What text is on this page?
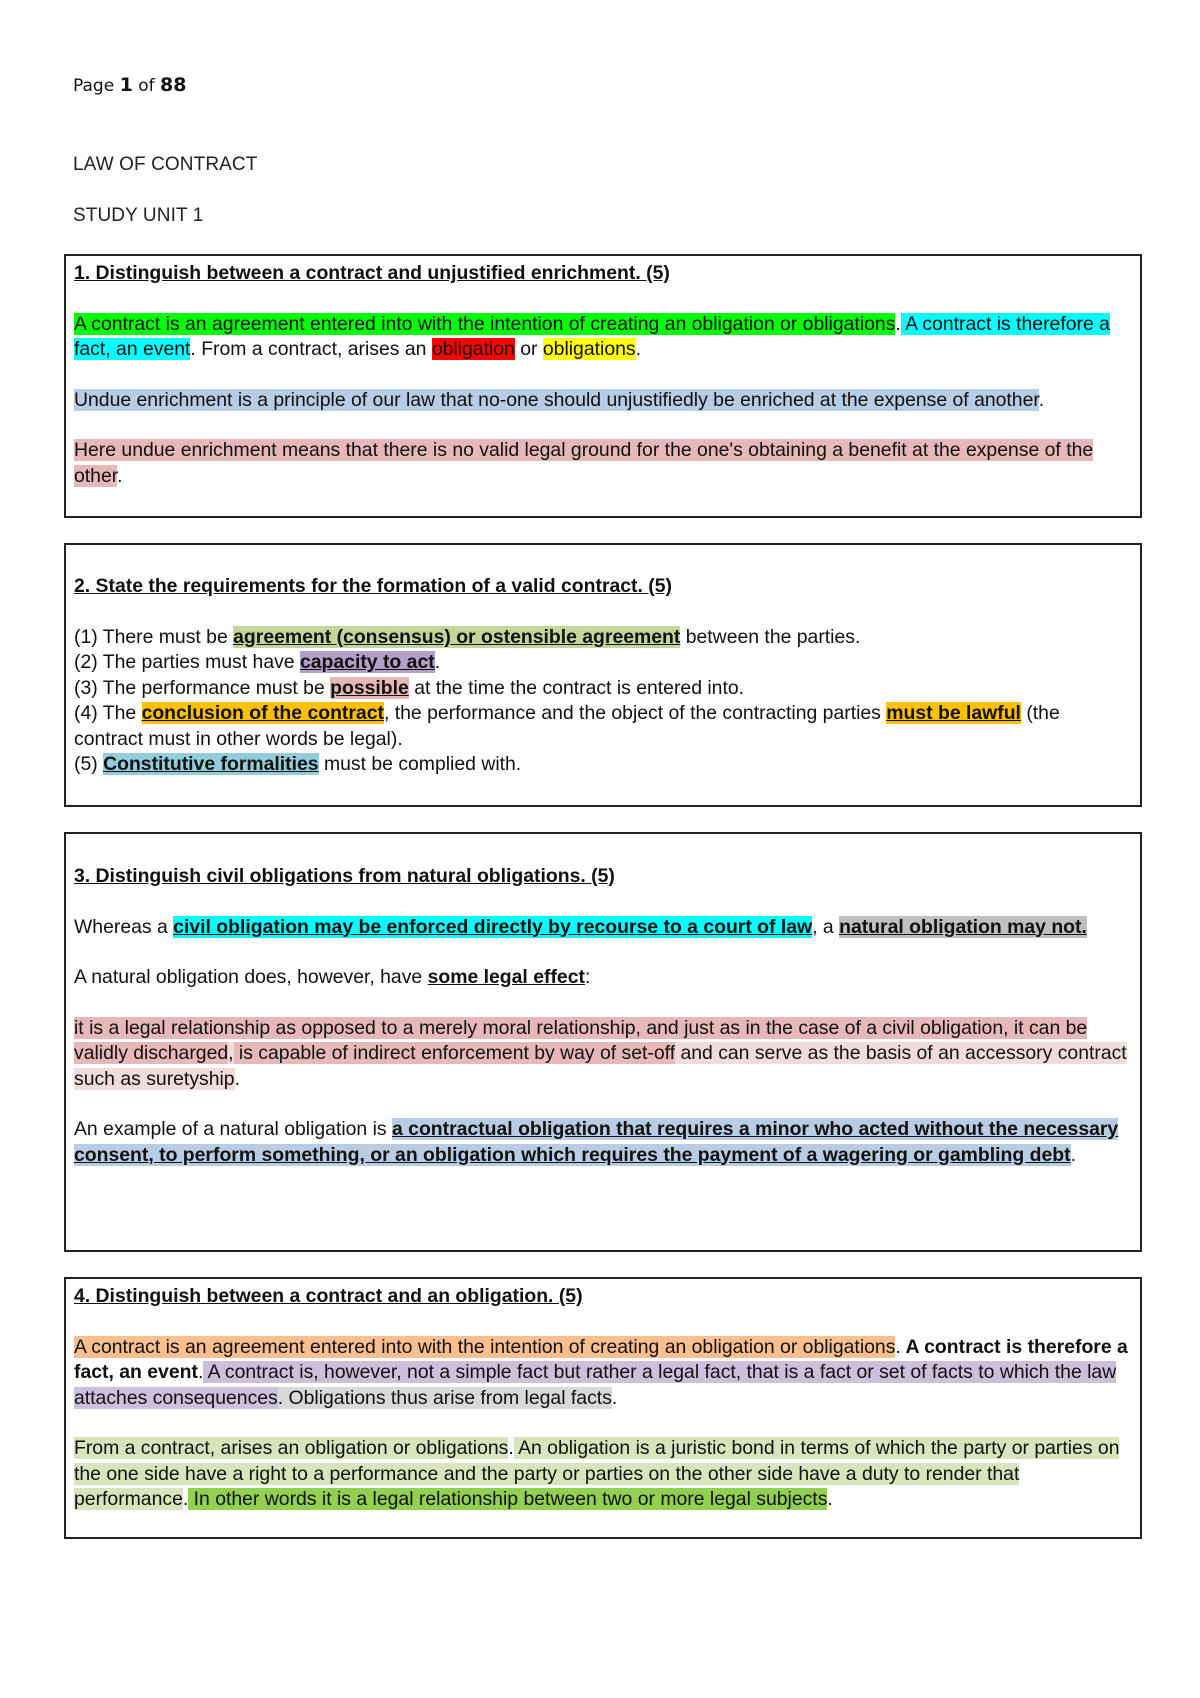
Page 1 of 88
LAW OF CONTRACT
STUDY UNIT 1

1. Distinguish between a contract and unjustified enrichment. (5)

A contract is an agreement entered into with the intention of creating an obligation or obligations. A contract is therefore a fact, an event. From a contract, arises an obligation or obligations.

Undue enrichment is a principle of our law that no-one should unjustifiedly be enriched at the expense of another.

Here undue enrichment means that there is no valid legal ground for the one's obtaining a benefit at the expense of the other.

2. State the requirements for the formation of a valid contract. (5)

(1) There must be agreement (consensus) or ostensible agreement between the parties.

(2) The parties must have capacity to act.

(3) The performance must be possible at the time the contract is entered into.

(4) The conclusion of the contract, the performance and the object of the contracting parties must be lawful (the contract must in other words be legal).

(5) Constitutive formalities must be complied with.

3. Distinguish civil obligations from natural obligations. (5)

Whereas a civil obligation may be enforced directly by recourse to a court of law, a natural obligation may not.

A natural obligation does, however, have some legal effect:

it is a legal relationship as opposed to a merely moral relationship, and just as in the case of a civil obligation, it can be validly discharged, is capable of indirect enforcement by way of set-off and can serve as the basis of an accessory contract such as suretyship.

An example of a natural obligation is a contractual obligation that requires a minor who acted without the necessary consent, to perform something, or an obligation which requires the payment of a wagering or gambling debt.

4. Distinguish between a contract and an obligation. (5)

A contract is an agreement entered into with the intention of creating an obligation or obligations. A contract is therefore a fact, an event. A contract is, however, not a simple fact but rather a legal fact, that is a fact or set of facts to which the law attaches consequences. Obligations thus arise from legal facts.

From a contract, arises an obligation or obligations. An obligation is a juristic bond in terms of which the party or parties on the one side have a right to a performance and the party or parties on the other side have a duty to render that performance. In other words it is a legal relationship between two or more legal subjects.
